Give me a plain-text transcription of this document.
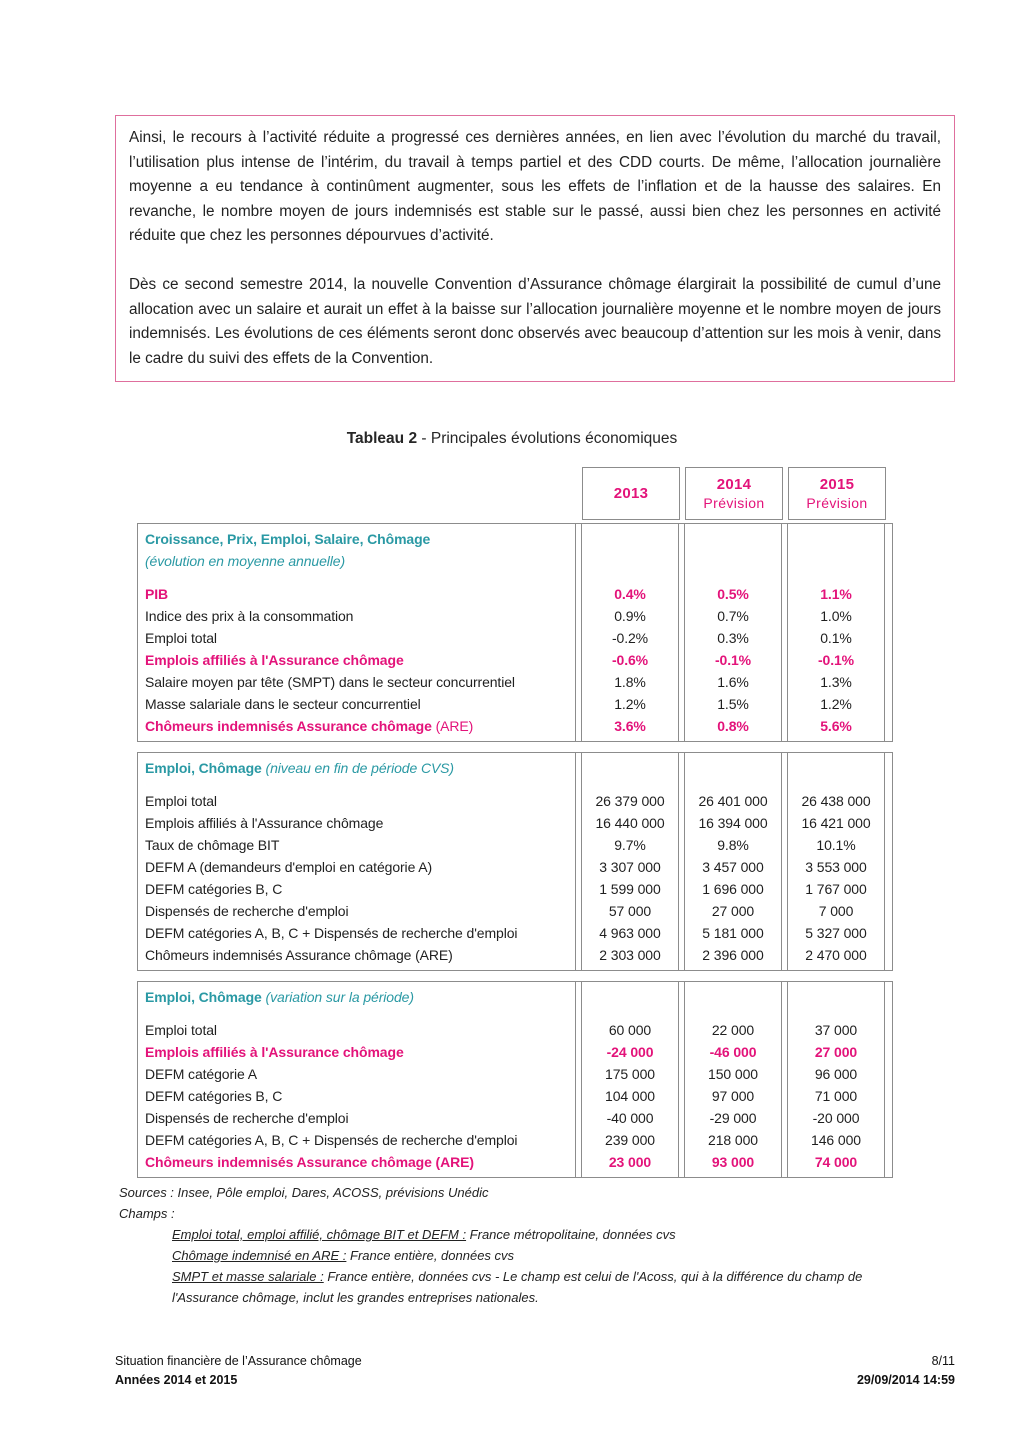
Ainsi, le recours à l’activité réduite a progressé ces dernières années, en lien avec l’évolution du marché du travail, l’utilisation plus intense de l’intérim, du travail à temps partiel et des CDD courts. De même, l’allocation journalière moyenne a eu tendance à continûment augmenter, sous les effets de l’inflation et de la hausse des salaires. En revanche, le nombre moyen de jours indemnisés est stable sur le passé, aussi bien chez les personnes en activité réduite que chez les personnes dépourvues d’activité.

Dès ce second semestre 2014, la nouvelle Convention d’Assurance chômage élargirait la possibilité de cumul d’une allocation avec un salaire et aurait un effet à la baisse sur l’allocation journalière moyenne et le nombre moyen de jours indemnisés. Les évolutions de ces éléments seront donc observés avec beaucoup d’attention sur les mois à venir, dans le cadre du suivi des effets de la Convention.

Tableau 2 - Principales évolutions économiques
2013
2014
Prévision
2015
Prévision
Croissance, Prix, Emploi, Salaire, Chômage
(évolution en moyenne annuelle)
PIB
Indice des prix à la consommation
Emploi total
Emplois affiliés à l'Assurance chômage
Salaire moyen par tête (SMPT) dans le secteur concurrentiel
Masse salariale dans le secteur concurrentiel
Chômeurs indemnisés Assurance chômage (ARE)
0.4%
0.9%
-0.2%
-0.6%
1.8%
1.2%
3.6%
0.5%
0.7%
0.3%
-0.1%
1.6%
1.5%
0.8%
1.1%
1.0%
0.1%
-0.1%
1.3%
1.2%
5.6%
Emploi, Chômage (niveau en fin de période CVS)
Emploi total
Emplois affiliés à l'Assurance chômage
Taux de chômage BIT
DEFM A (demandeurs d'emploi en catégorie A)
DEFM catégories B, C
Dispensés de recherche d'emploi
DEFM catégories A, B, C + Dispensés de recherche d'emploi
Chômeurs indemnisés Assurance chômage (ARE)
26 379 000
16 440 000
9.7%
3 307 000
1 599 000
57 000
4 963 000
2 303 000
26 401 000
16 394 000
9.8%
3 457 000
1 696 000
27 000
5 181 000
2 396 000
26 438 000
16 421 000
10.1%
3 553 000
1 767 000
7 000
5 327 000
2 470 000
Emploi, Chômage (variation sur la période)
Emploi total
Emplois affiliés à l'Assurance chômage
DEFM catégorie A
DEFM catégories B, C
Dispensés de recherche d'emploi
DEFM catégories A, B, C + Dispensés de recherche d'emploi
Chômeurs indemnisés Assurance chômage (ARE)
60 000
-24 000
175 000
104 000
-40 000
239 000
23 000
22 000
-46 000
150 000
97 000
-29 000
218 000
93 000
37 000
27 000
96 000
71 000
-20 000
146 000
74 000
Sources : Insee, Pôle emploi, Dares, ACOSS, prévisions Unédic
Champs :
Emploi total, emploi affilié, chômage BIT et DEFM : France métropolitaine, données cvs
Chômage indemnisé en ARE : France entière, données cvs
SMPT et masse salariale : France entière, données cvs - Le champ est celui de l'Acoss, qui à la différence du champ de l'Assurance chômage, inclut les grandes entreprises nationales.
Situation financière de l’Assurance chômage
Années 2014 et 2015
8/11
29/09/2014 14:59
